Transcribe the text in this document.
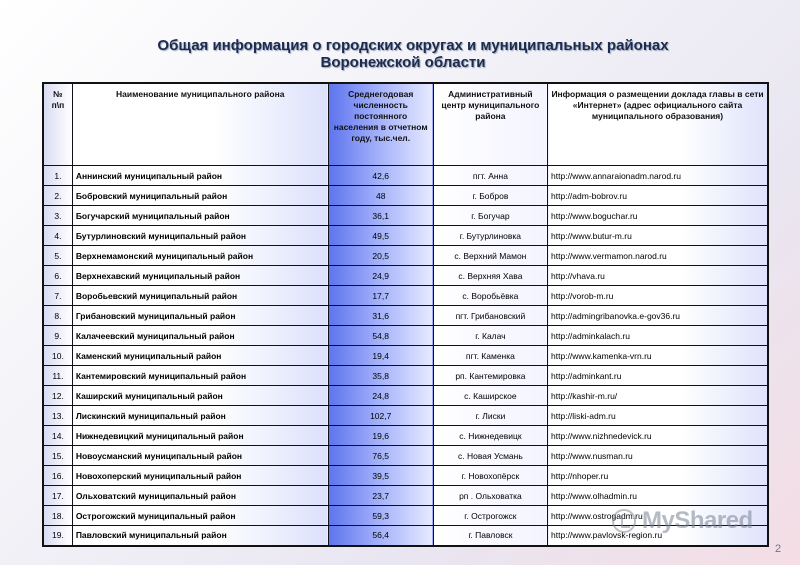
Общая информация о городских округах и муниципальных районах
Воронежской области
№ п\п	Наименование муниципального района	Среднегодовая численность постоянного населения в отчетном году, тыс.чел.	Административный центр муниципального района	Информация о размещении доклада главы в сети «Интернет» (адрес официального сайта муниципального образования)
1.	Аннинский муниципальный район	42,6	пгт. Анна	http://www.annaraionadm.narod.ru
2.	Бобровский муниципальный район	48	г. Бобров	http://adm-bobrov.ru
3.	Богучарский муниципальный район	36,1	г. Богучар	http://www.boguchar.ru
4.	Бутурлиновский муниципальный район	49,5	г. Бутурлиновка	http://www.butur-m.ru
5.	Верхнемамонский муниципальный район	20,5	с. Верхний Мамон	http://www.vermamon.narod.ru
6.	Верхнехавский муниципальный район	24,9	с. Верхняя Хава	http://vhava.ru
7.	Воробьевский муниципальный район	17,7	с. Воробьёвка	http://vorob-m.ru
8.	Грибановский муниципальный район	31,6	пгт. Грибановский	http://admingribanovka.e-gov36.ru
9.	Калачеевский муниципальный район	54,8	г. Калач	http://adminkalach.ru
10.	Каменский муниципальный район	19,4	пгт. Каменка	http://www.kamenka-vrn.ru
11.	Кантемировский муниципальный район	35,8	рп. Кантемировка	http://adminkant.ru
12.	Каширский муниципальный район	24,8	с. Каширское	http://kashir-m.ru/
13.	Лискинский муниципальный район	102,7	г. Лиски	http://liski-adm.ru
14.	Нижнедевицкий муниципальный район	19,6	с. Нижнедевицк	http://www.nizhnedevick.ru
15.	Новоусманский муниципальный район	76,5	с. Новая Усмань	http://www.nusman.ru
16.	Новохоперский муниципальный район	39,5	г. Новохопёрск	http://nhoper.ru
17.	Ольховатский муниципальный район	23,7	рп . Ольховатка	http://www.olhadmin.ru
18.	Острогожский муниципальный район	59,3	г. Острогожск	http://www.ostrogadm.ru
19.	Павловский муниципальный район	56,4	г. Павловск	http://www.pavlovsk-region.ru
MyShared
2
